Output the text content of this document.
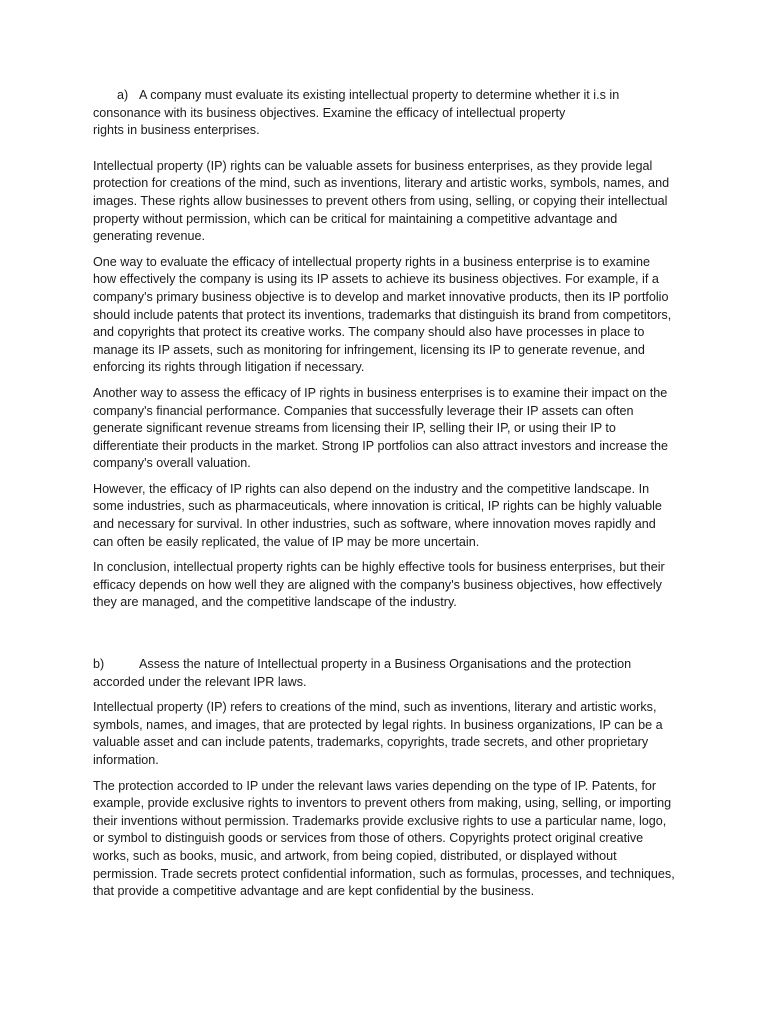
a) A company must evaluate its existing intellectual property to determine whether it i.s in
consonance with its business objectives. Examine the efficacy of intellectual property
rights in business enterprises.

Intellectual property (IP) rights can be valuable assets for business enterprises, as they provide legal protection for creations of the mind, such as inventions, literary and artistic works, symbols, names, and images. These rights allow businesses to prevent others from using, selling, or copying their intellectual property without permission, which can be critical for maintaining a competitive advantage and generating revenue.

One way to evaluate the efficacy of intellectual property rights in a business enterprise is to examine how effectively the company is using its IP assets to achieve its business objectives. For example, if a company's primary business objective is to develop and market innovative products, then its IP portfolio should include patents that protect its inventions, trademarks that distinguish its brand from competitors, and copyrights that protect its creative works. The company should also have processes in place to manage its IP assets, such as monitoring for infringement, licensing its IP to generate revenue, and enforcing its rights through litigation if necessary.

Another way to assess the efficacy of IP rights in business enterprises is to examine their impact on the company's financial performance. Companies that successfully leverage their IP assets can often generate significant revenue streams from licensing their IP, selling their IP, or using their IP to differentiate their products in the market. Strong IP portfolios can also attract investors and increase the company's overall valuation.

However, the efficacy of IP rights can also depend on the industry and the competitive landscape. In some industries, such as pharmaceuticals, where innovation is critical, IP rights can be highly valuable and necessary for survival. In other industries, such as software, where innovation moves rapidly and can often be easily replicated, the value of IP may be more uncertain.

In conclusion, intellectual property rights can be highly effective tools for business enterprises, but their efficacy depends on how well they are aligned with the company's business objectives, how effectively they are managed, and the competitive landscape of the industry.

b)	Assess the nature of Intellectual property in a Business Organisations and the protection
accorded under the relevant IPR laws.

Intellectual property (IP) refers to creations of the mind, such as inventions, literary and artistic works, symbols, names, and images, that are protected by legal rights. In business organizations, IP can be a valuable asset and can include patents, trademarks, copyrights, trade secrets, and other proprietary information.

The protection accorded to IP under the relevant laws varies depending on the type of IP. Patents, for example, provide exclusive rights to inventors to prevent others from making, using, selling, or importing their inventions without permission. Trademarks provide exclusive rights to use a particular name, logo, or symbol to distinguish goods or services from those of others. Copyrights protect original creative works, such as books, music, and artwork, from being copied, distributed, or displayed without permission. Trade secrets protect confidential information, such as formulas, processes, and techniques, that provide a competitive advantage and are kept confidential by the business.
